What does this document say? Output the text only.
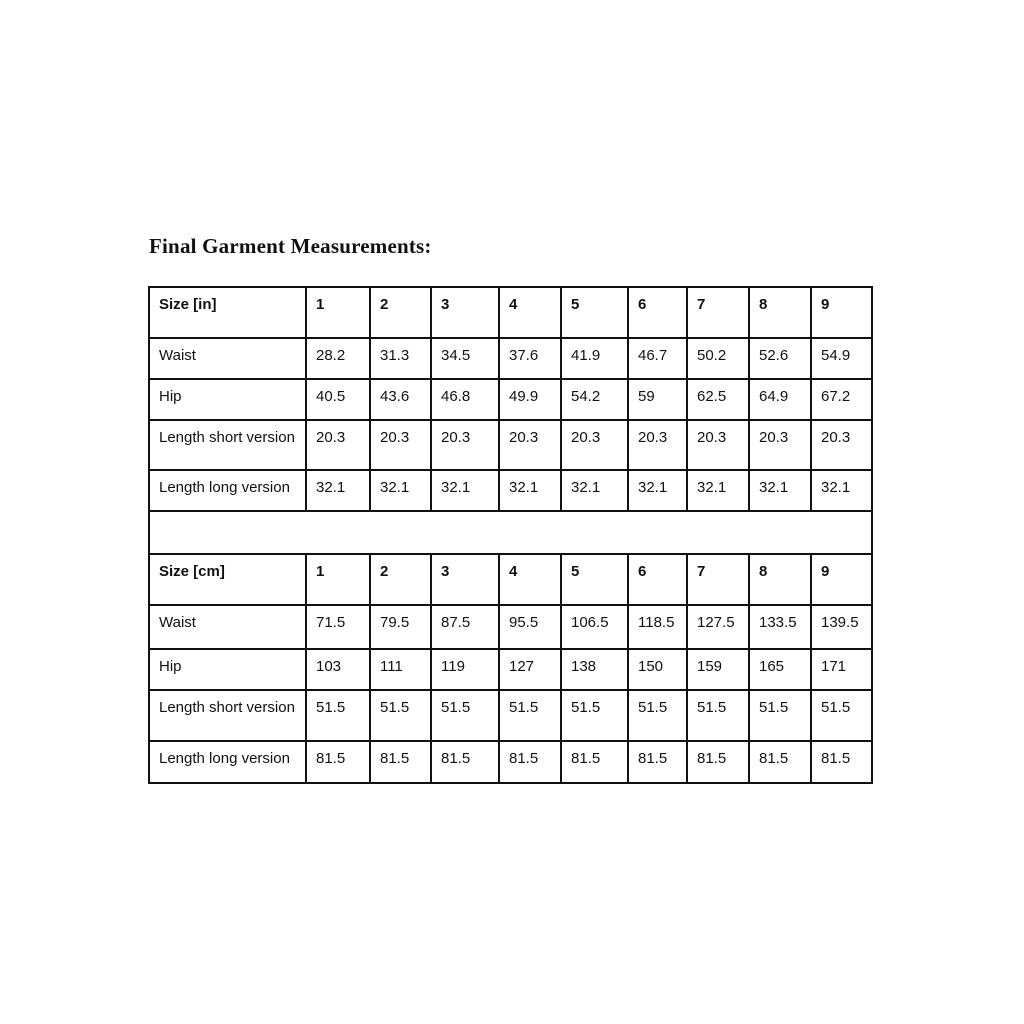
Final Garment Measurements:
Size [in]	1	2	3	4	5	6	7	8	9
Waist	28.2	31.3	34.5	37.6	41.9	46.7	50.2	52.6	54.9
Hip	40.5	43.6	46.8	49.9	54.2	59	62.5	64.9	67.2
Length short version	20.3	20.3	20.3	20.3	20.3	20.3	20.3	20.3	20.3
Length long version	32.1	32.1	32.1	32.1	32.1	32.1	32.1	32.1	32.1

Size [cm]	1	2	3	4	5	6	7	8	9
Waist	71.5	79.5	87.5	95.5	106.5	118.5	127.5	133.5	139.5
Hip	103	111	119	127	138	150	159	165	171
Length short version	51.5	51.5	51.5	51.5	51.5	51.5	51.5	51.5	51.5
Length long version	81.5	81.5	81.5	81.5	81.5	81.5	81.5	81.5	81.5
